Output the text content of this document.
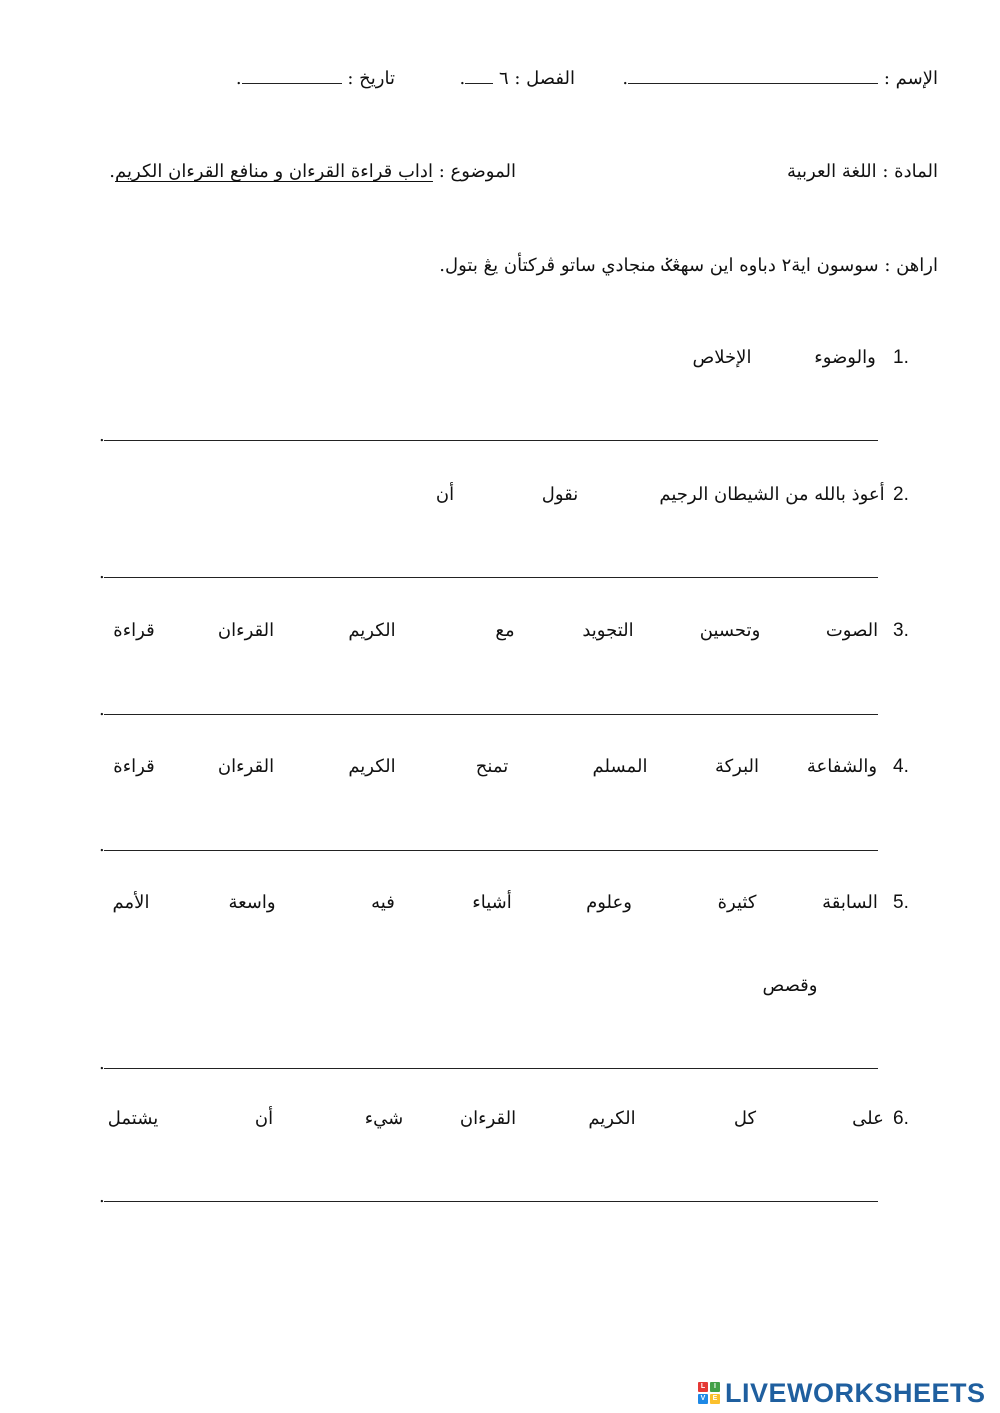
الإسم : .
الفصل : ٦ .
تاريخ : .
المادة : اللغة العربية
الموضوع : اداب قراءة القرءان و منافع القرءان الكريم.
اراهن : سوسون اية٢ دباوه اين سهڠݢ منجادي ساتو ڤركتأن يڠ بتول.
1.
والوضوء
الإخلاص
.
2.
أعوذ بالله من الشيطان الرجيم
نقول
أن
.
3.
الصوت
وتحسين
التجويد
مع
الكريم
القرءان
قراءة
.
4.
والشفاعة
البركة
المسلم
تمنح
الكريم
القرءان
قراءة
.
5.
السابقة
كثيرة
وعلوم
أشياء
فيه
واسعة
الأمم
وقصص
.
6.
على
كل
الكريم
القرءان
شيء
أن
يشتمل
.
L	I
V	E LIVEWORKSHEETS
